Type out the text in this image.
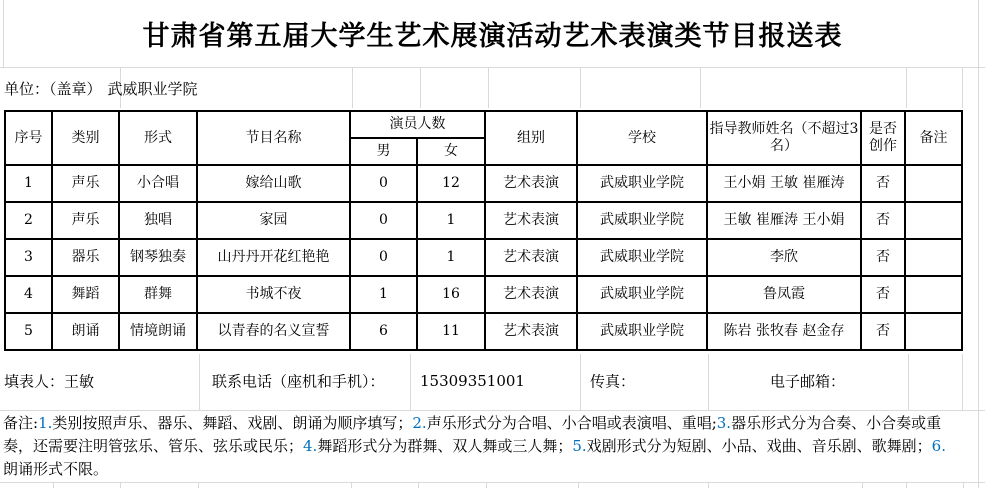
甘肃省第五届大学生艺术展演活动艺术表演类节目报送表
单位：（盖章） 武威职业学院
序号	类别	形式	节目名称	演员人数		组别	学校	指导教师姓名（不超过3名）	是否创作	备注
				男	女					
1	声乐	小合唱	嫁给山歌	0	12	艺术表演	武威职业学院	王小娟 王敏 崔雁涛	否	
2	声乐	独唱	家园	0	1	艺术表演	武威职业学院	王敏 崔雁涛 王小娟	否	
3	器乐	钢琴独奏	山丹丹开花红艳艳	0	1	艺术表演	武威职业学院	李欣	否	
4	舞蹈	群舞	书城不夜	1	16	艺术表演	武威职业学院	鲁凤霞	否	
5	朗诵	情境朗诵	以青春的名义宣誓	6	11	艺术表演	武威职业学院	陈岩 张牧春 赵金存	否	
填表人：王敏	联系电话（座机和手机）： 15309351001	传真：	电子邮箱：
备注:1.类别按照声乐、器乐、舞蹈、戏剧、朗诵为顺序填写；2.声乐形式分为合唱、小合唱或表演唱、重唱;3.器乐形式分为合奏、小合奏或重奏，还需要注明管弦乐、管乐、弦乐或民乐；4.舞蹈形式分为群舞、双人舞或三人舞；5.戏剧形式分为短剧、小品、戏曲、音乐剧、歌舞剧；6.朗诵形式不限。
